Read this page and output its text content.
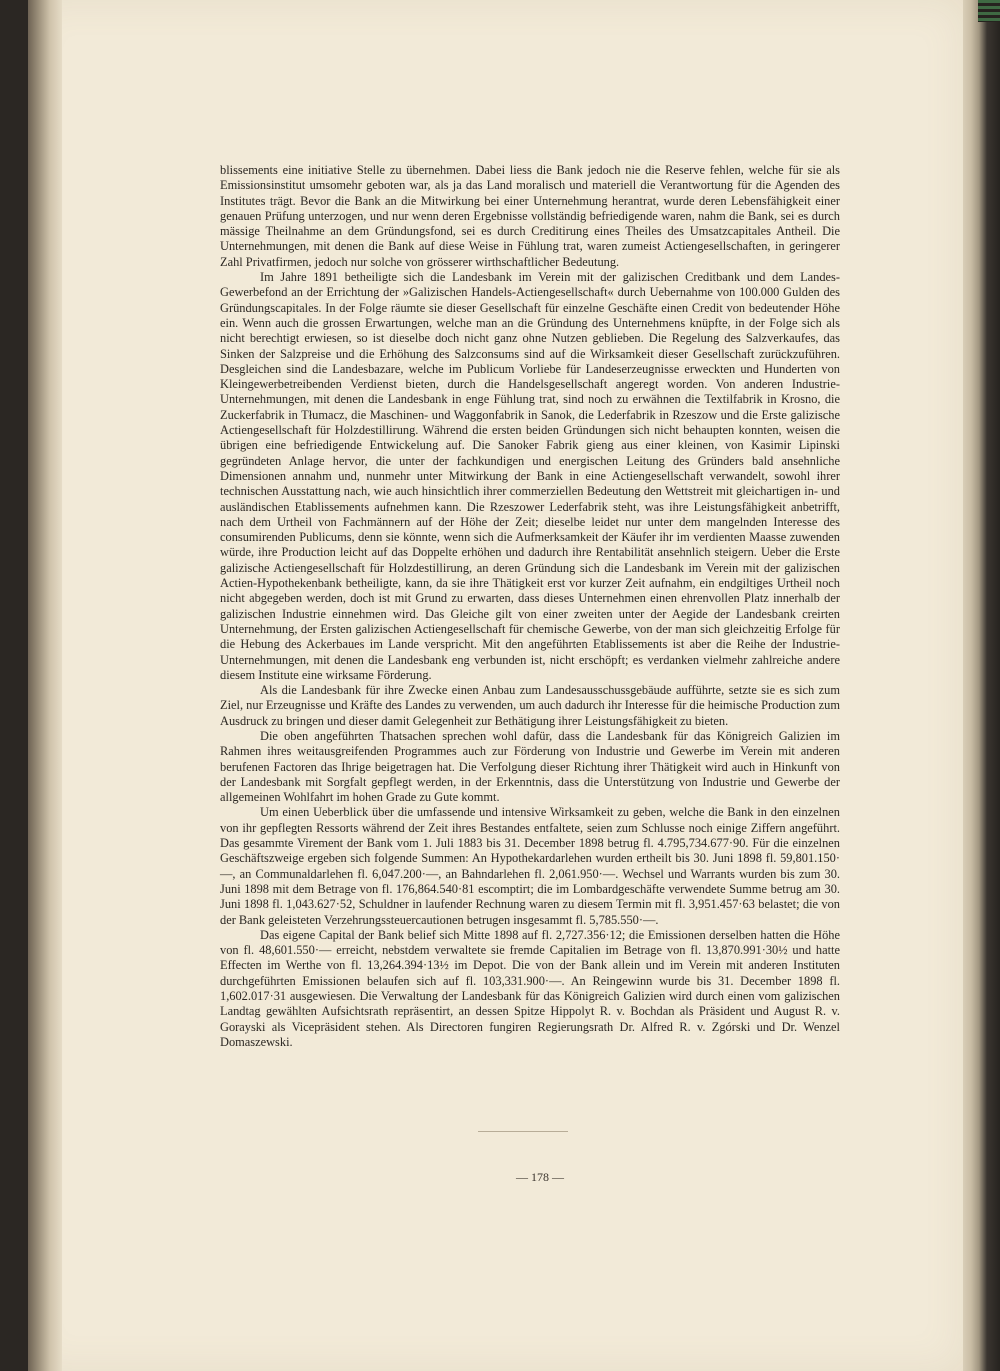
blissements eine initiative Stelle zu übernehmen. Dabei liess die Bank jedoch nie die Reserve fehlen, welche für sie als Emissionsinstitut umsomehr geboten war, als ja das Land moralisch und materiell die Verantwortung für die Agenden des Institutes trägt. Bevor die Bank an die Mitwirkung bei einer Unternehmung herantrat, wurde deren Lebensfähigkeit einer genauen Prüfung unterzogen, und nur wenn deren Ergebnisse vollständig befriedigende waren, nahm die Bank, sei es durch mässige Theilnahme an dem Gründungsfond, sei es durch Creditirung eines Theiles des Umsatzcapitales Antheil. Die Unternehmungen, mit denen die Bank auf diese Weise in Fühlung trat, waren zumeist Actiengesellschaften, in geringerer Zahl Privatfirmen, jedoch nur solche von grösserer wirthschaftlicher Bedeutung.

Im Jahre 1891 betheiligte sich die Landesbank im Verein mit der galizischen Creditbank und dem Landes-Gewerbefond an der Errichtung der »Galizischen Handels-Actiengesellschaft« durch Uebernahme von 100.000 Gulden des Gründungscapitales. In der Folge räumte sie dieser Gesellschaft für einzelne Geschäfte einen Credit von bedeutender Höhe ein. Wenn auch die grossen Erwartungen, welche man an die Gründung des Unternehmens knüpfte, in der Folge sich als nicht berechtigt erwiesen, so ist dieselbe doch nicht ganz ohne Nutzen geblieben. Die Regelung des Salzverkaufes, das Sinken der Salzpreise und die Erhöhung des Salzconsums sind auf die Wirksamkeit dieser Gesellschaft zurückzuführen. Desgleichen sind die Landesbazare, welche im Publicum Vorliebe für Landeserzeugnisse erweckten und Hunderten von Kleingewerbetreibenden Verdienst bieten, durch die Handelsgesellschaft angeregt worden. Von anderen Industrie-Unternehmungen, mit denen die Landesbank in enge Fühlung trat, sind noch zu erwähnen die Textilfabrik in Krosno, die Zuckerfabrik in Tłumacz, die Maschinen- und Waggonfabrik in Sanok, die Lederfabrik in Rzeszow und die Erste galizische Actiengesellschaft für Holzdestillirung. Während die ersten beiden Gründungen sich nicht behaupten konnten, weisen die übrigen eine befriedigende Entwickelung auf. Die Sanoker Fabrik gieng aus einer kleinen, von Kasimir Lipinski gegründeten Anlage hervor, die unter der fachkundigen und energischen Leitung des Gründers bald ansehnliche Dimensionen annahm und, nunmehr unter Mitwirkung der Bank in eine Actiengesellschaft verwandelt, sowohl ihrer technischen Ausstattung nach, wie auch hinsichtlich ihrer commerziellen Bedeutung den Wettstreit mit gleichartigen in- und ausländischen Etablissements aufnehmen kann. Die Rzeszower Lederfabrik steht, was ihre Leistungsfähigkeit anbetrifft, nach dem Urtheil von Fachmännern auf der Höhe der Zeit; dieselbe leidet nur unter dem mangelnden Interesse des consumirenden Publicums, denn sie könnte, wenn sich die Aufmerksamkeit der Käufer ihr im verdienten Maasse zuwenden würde, ihre Production leicht auf das Doppelte erhöhen und dadurch ihre Rentabilität ansehnlich steigern. Ueber die Erste galizische Actiengesellschaft für Holzdestillirung, an deren Gründung sich die Landesbank im Verein mit der galizischen Actien-Hypothekenbank betheiligte, kann, da sie ihre Thätigkeit erst vor kurzer Zeit aufnahm, ein endgiltiges Urtheil noch nicht abgegeben werden, doch ist mit Grund zu erwarten, dass dieses Unternehmen einen ehrenvollen Platz innerhalb der galizischen Industrie einnehmen wird. Das Gleiche gilt von einer zweiten unter der Aegide der Landesbank creirten Unternehmung, der Ersten galizischen Actiengesellschaft für chemische Gewerbe, von der man sich gleichzeitig Erfolge für die Hebung des Ackerbaues im Lande verspricht. Mit den angeführten Etablissements ist aber die Reihe der Industrie-Unternehmungen, mit denen die Landesbank eng verbunden ist, nicht erschöpft; es verdanken vielmehr zahlreiche andere diesem Institute eine wirksame Förderung.

Als die Landesbank für ihre Zwecke einen Anbau zum Landesausschussgebäude aufführte, setzte sie es sich zum Ziel, nur Erzeugnisse und Kräfte des Landes zu verwenden, um auch dadurch ihr Interesse für die heimische Production zum Ausdruck zu bringen und dieser damit Gelegenheit zur Bethätigung ihrer Leistungsfähigkeit zu bieten.

Die oben angeführten Thatsachen sprechen wohl dafür, dass die Landesbank für das Königreich Galizien im Rahmen ihres weitausgreifenden Programmes auch zur Förderung von Industrie und Gewerbe im Verein mit anderen berufenen Factoren das Ihrige beigetragen hat. Die Verfolgung dieser Richtung ihrer Thätigkeit wird auch in Hinkunft von der Landesbank mit Sorgfalt gepflegt werden, in der Erkenntnis, dass die Unterstützung von Industrie und Gewerbe der allgemeinen Wohlfahrt im hohen Grade zu Gute kommt.

Um einen Ueberblick über die umfassende und intensive Wirksamkeit zu geben, welche die Bank in den einzelnen von ihr gepflegten Ressorts während der Zeit ihres Bestandes entfaltete, seien zum Schlusse noch einige Ziffern angeführt. Das gesammte Virement der Bank vom 1. Juli 1883 bis 31. December 1898 betrug fl. 4.795,734.677·90. Für die einzelnen Geschäftszweige ergeben sich folgende Summen: An Hypothekardarlehen wurden ertheilt bis 30. Juni 1898 fl. 59,801.150·—, an Communaldarlehen fl. 6,047.200·—, an Bahndarlehen fl. 2,061.950·—. Wechsel und Warrants wurden bis zum 30. Juni 1898 mit dem Betrage von fl. 176,864.540·81 escomptirt; die im Lombardgeschäfte verwendete Summe betrug am 30. Juni 1898 fl. 1,043.627·52, Schuldner in laufender Rechnung waren zu diesem Termin mit fl. 3,951.457·63 belastet; die von der Bank geleisteten Verzehrungssteuercautionen betrugen insgesammt fl. 5,785.550·—.

Das eigene Capital der Bank belief sich Mitte 1898 auf fl. 2,727.356·12; die Emissionen derselben hatten die Höhe von fl. 48,601.550·— erreicht, nebstdem verwaltete sie fremde Capitalien im Betrage von fl. 13,870.991·30½ und hatte Effecten im Werthe von fl. 13,264.394·13½ im Depot. Die von der Bank allein und im Verein mit anderen Instituten durchgeführten Emissionen belaufen sich auf fl. 103,331.900·—. An Reingewinn wurde bis 31. December 1898 fl. 1,602.017·31 ausgewiesen. Die Verwaltung der Landesbank für das Königreich Galizien wird durch einen vom galizischen Landtag gewählten Aufsichtsrath repräsentirt, an dessen Spitze Hippolyt R. v. Bochdan als Präsident und August R. v. Gorayski als Vicepräsident stehen. Als Directoren fungiren Regierungsrath Dr. Alfred R. v. Zgórski und Dr. Wenzel Domaszewski.

— 178 —
